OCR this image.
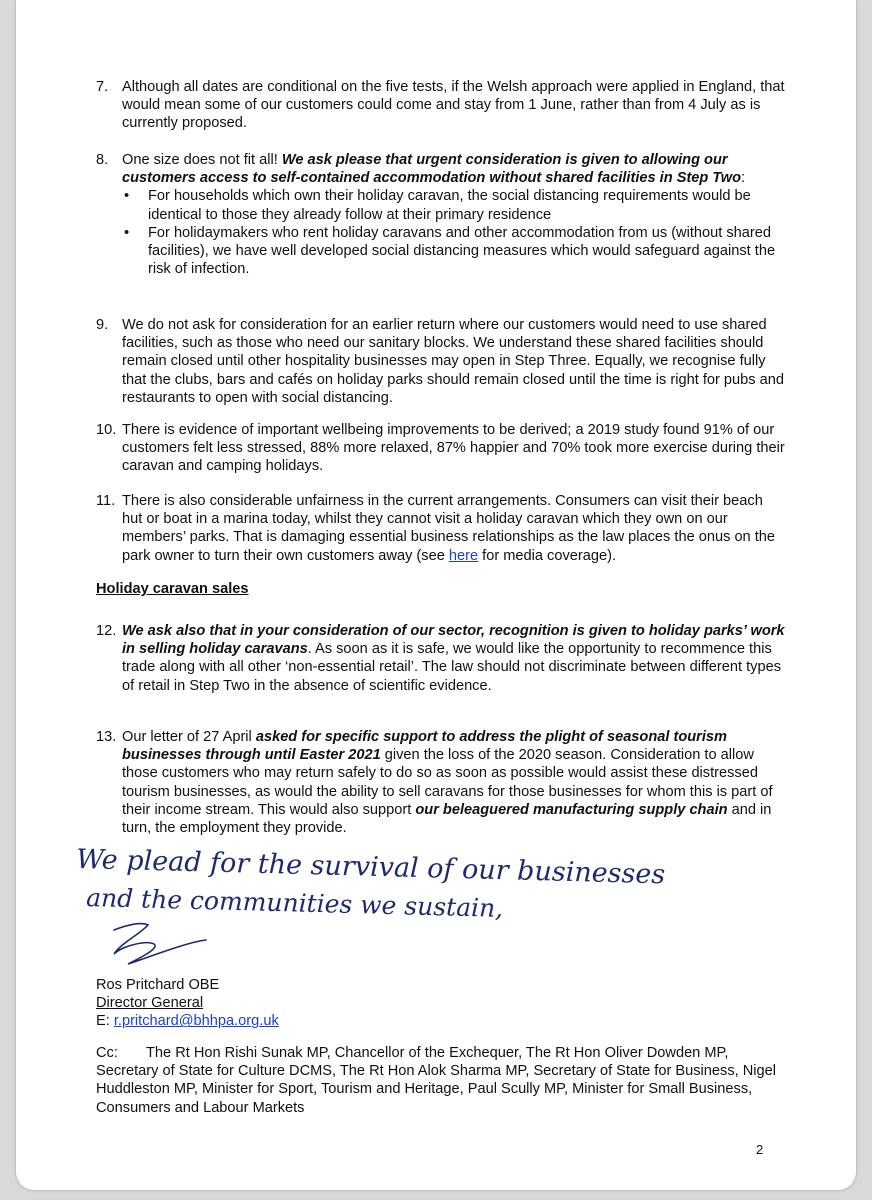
7. Although all dates are conditional on the five tests, if the Welsh approach were applied in England, that would mean some of our customers could come and stay from 1 June, rather than from 4 July as is currently proposed.
8. One size does not fit all! We ask please that urgent consideration is given to allowing our customers access to self-contained accommodation without shared facilities in Step Two:
• For households which own their holiday caravan, the social distancing requirements would be identical to those they already follow at their primary residence
• For holidaymakers who rent holiday caravans and other accommodation from us (without shared facilities), we have well developed social distancing measures which would safeguard against the risk of infection.
9. We do not ask for consideration for an earlier return where our customers would need to use shared facilities, such as those who need our sanitary blocks. We understand these shared facilities should remain closed until other hospitality businesses may open in Step Three. Equally, we recognise fully that the clubs, bars and cafés on holiday parks should remain closed until the time is right for pubs and restaurants to open with social distancing.
10. There is evidence of important wellbeing improvements to be derived; a 2019 study found 91% of our customers felt less stressed, 88% more relaxed, 87% happier and 70% took more exercise during their caravan and camping holidays.
11. There is also considerable unfairness in the current arrangements. Consumers can visit their beach hut or boat in a marina today, whilst they cannot visit a holiday caravan which they own on our members’ parks. That is damaging essential business relationships as the law places the onus on the park owner to turn their own customers away (see here for media coverage).
Holiday caravan sales
12. We ask also that in your consideration of our sector, recognition is given to holiday parks’ work in selling holiday caravans. As soon as it is safe, we would like the opportunity to recommence this trade along with all other ‘non-essential retail’. The law should not discriminate between different types of retail in Step Two in the absence of scientific evidence.
13. Our letter of 27 April asked for specific support to address the plight of seasonal tourism businesses through until Easter 2021 given the loss of the 2020 season. Consideration to allow those customers who may return safely to do so as soon as possible would assist these distressed tourism businesses, as would the ability to sell caravans for those businesses for whom this is part of their income stream. This would also support our beleaguered manufacturing supply chain and in turn, the employment they provide.
We plead for the survival of our businesses
and the communities we sustain,
Ros Pritchard OBE
Director General
E: r.pritchard@bhhpa.org.uk
Cc:	The Rt Hon Rishi Sunak MP, Chancellor of the Exchequer, The Rt Hon Oliver Dowden MP, Secretary of State for Culture DCMS, The Rt Hon Alok Sharma MP, Secretary of State for Business, Nigel Huddleston MP, Minister for Sport, Tourism and Heritage, Paul Scully MP, Minister for Small Business, Consumers and Labour Markets
2
